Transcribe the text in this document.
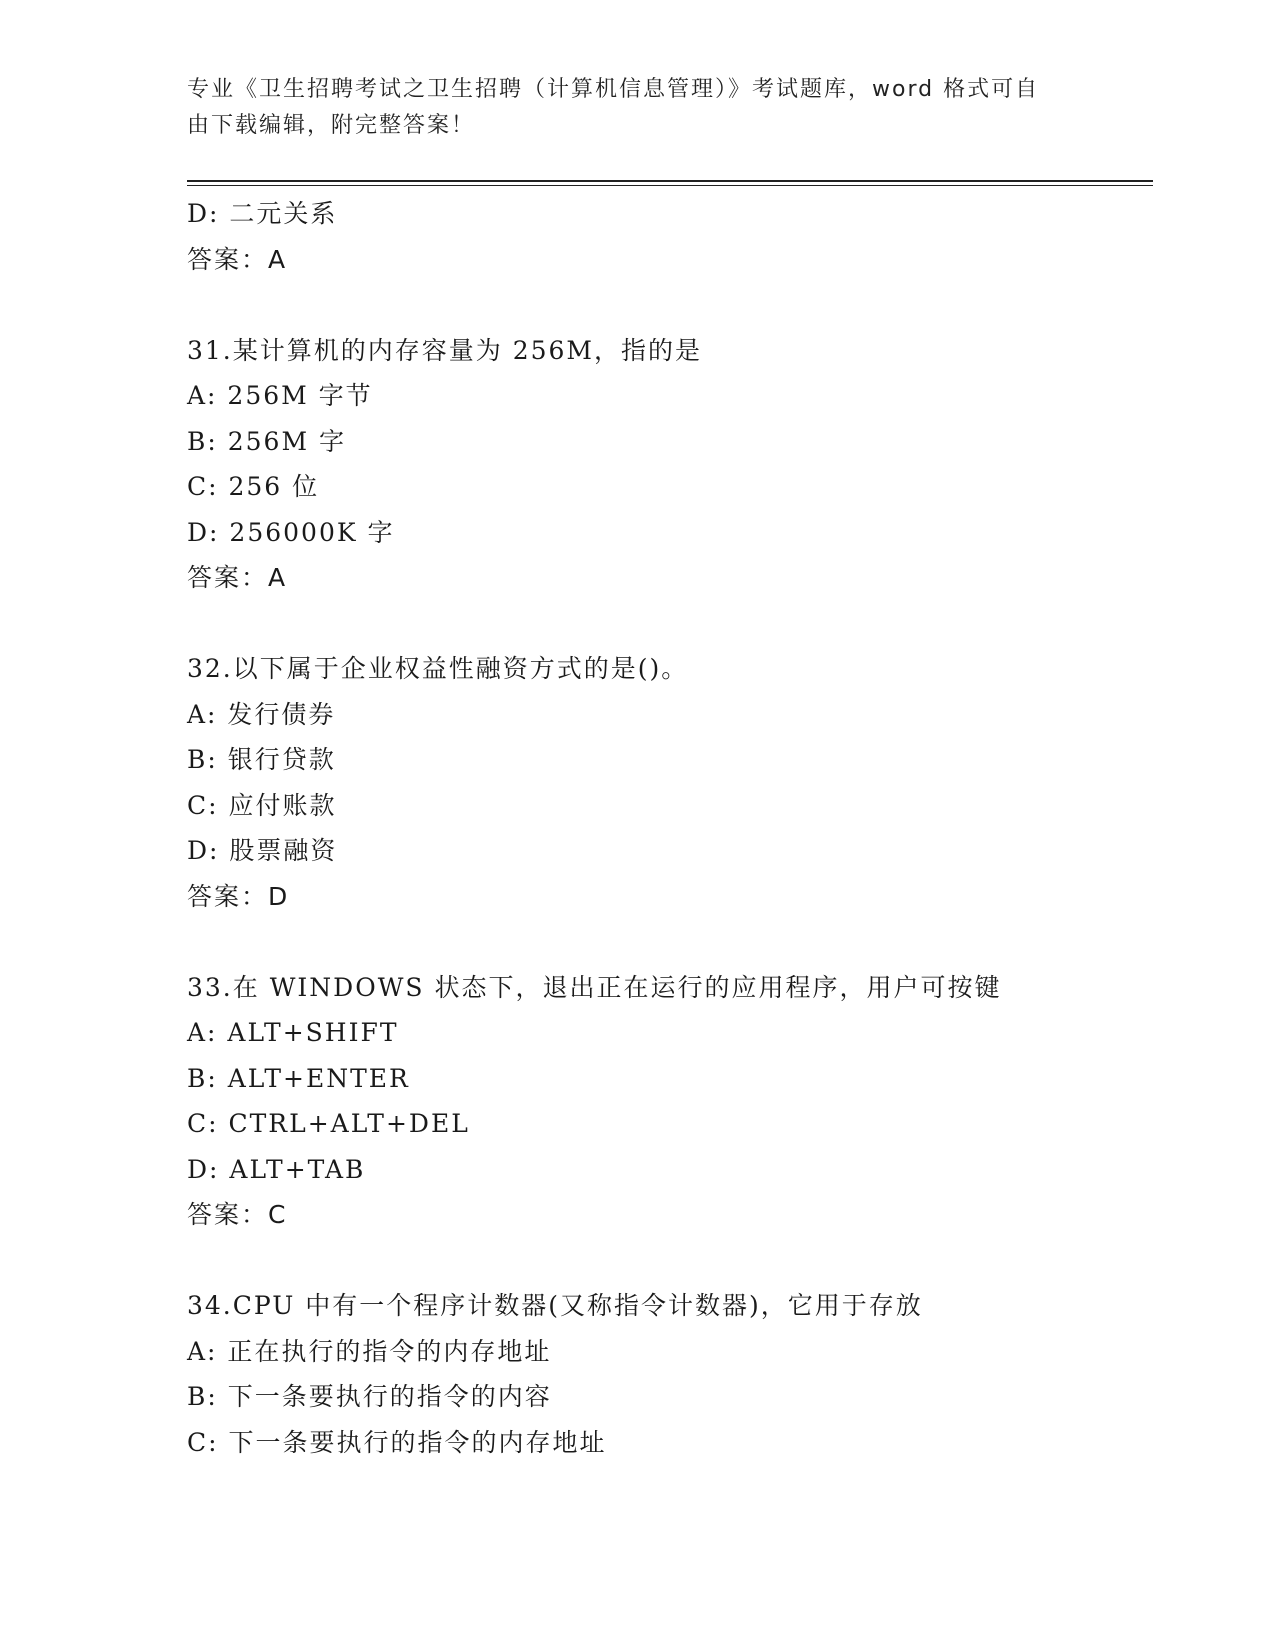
专业《卫生招聘考试之卫生招聘（计算机信息管理）》考试题库，word 格式可自
由下载编辑，附完整答案！
D: 二元关系
答案：A
31.某计算机的内存容量为 256M，指的是
A: 256M 字节
B: 256M 字
C: 256 位
D: 256000K 字
答案：A
32.以下属于企业权益性融资方式的是()。
A: 发行债券
B: 银行贷款
C: 应付账款
D: 股票融资
答案：D
33.在 WINDOWS 状态下，退出正在运行的应用程序，用户可按键
A: ALT+SHIFT
B: ALT+ENTER
C: CTRL+ALT+DEL
D: ALT+TAB
答案：C
34.CPU 中有一个程序计数器(又称指令计数器)，它用于存放
A: 正在执行的指令的内存地址
B: 下一条要执行的指令的内容
C: 下一条要执行的指令的内存地址
